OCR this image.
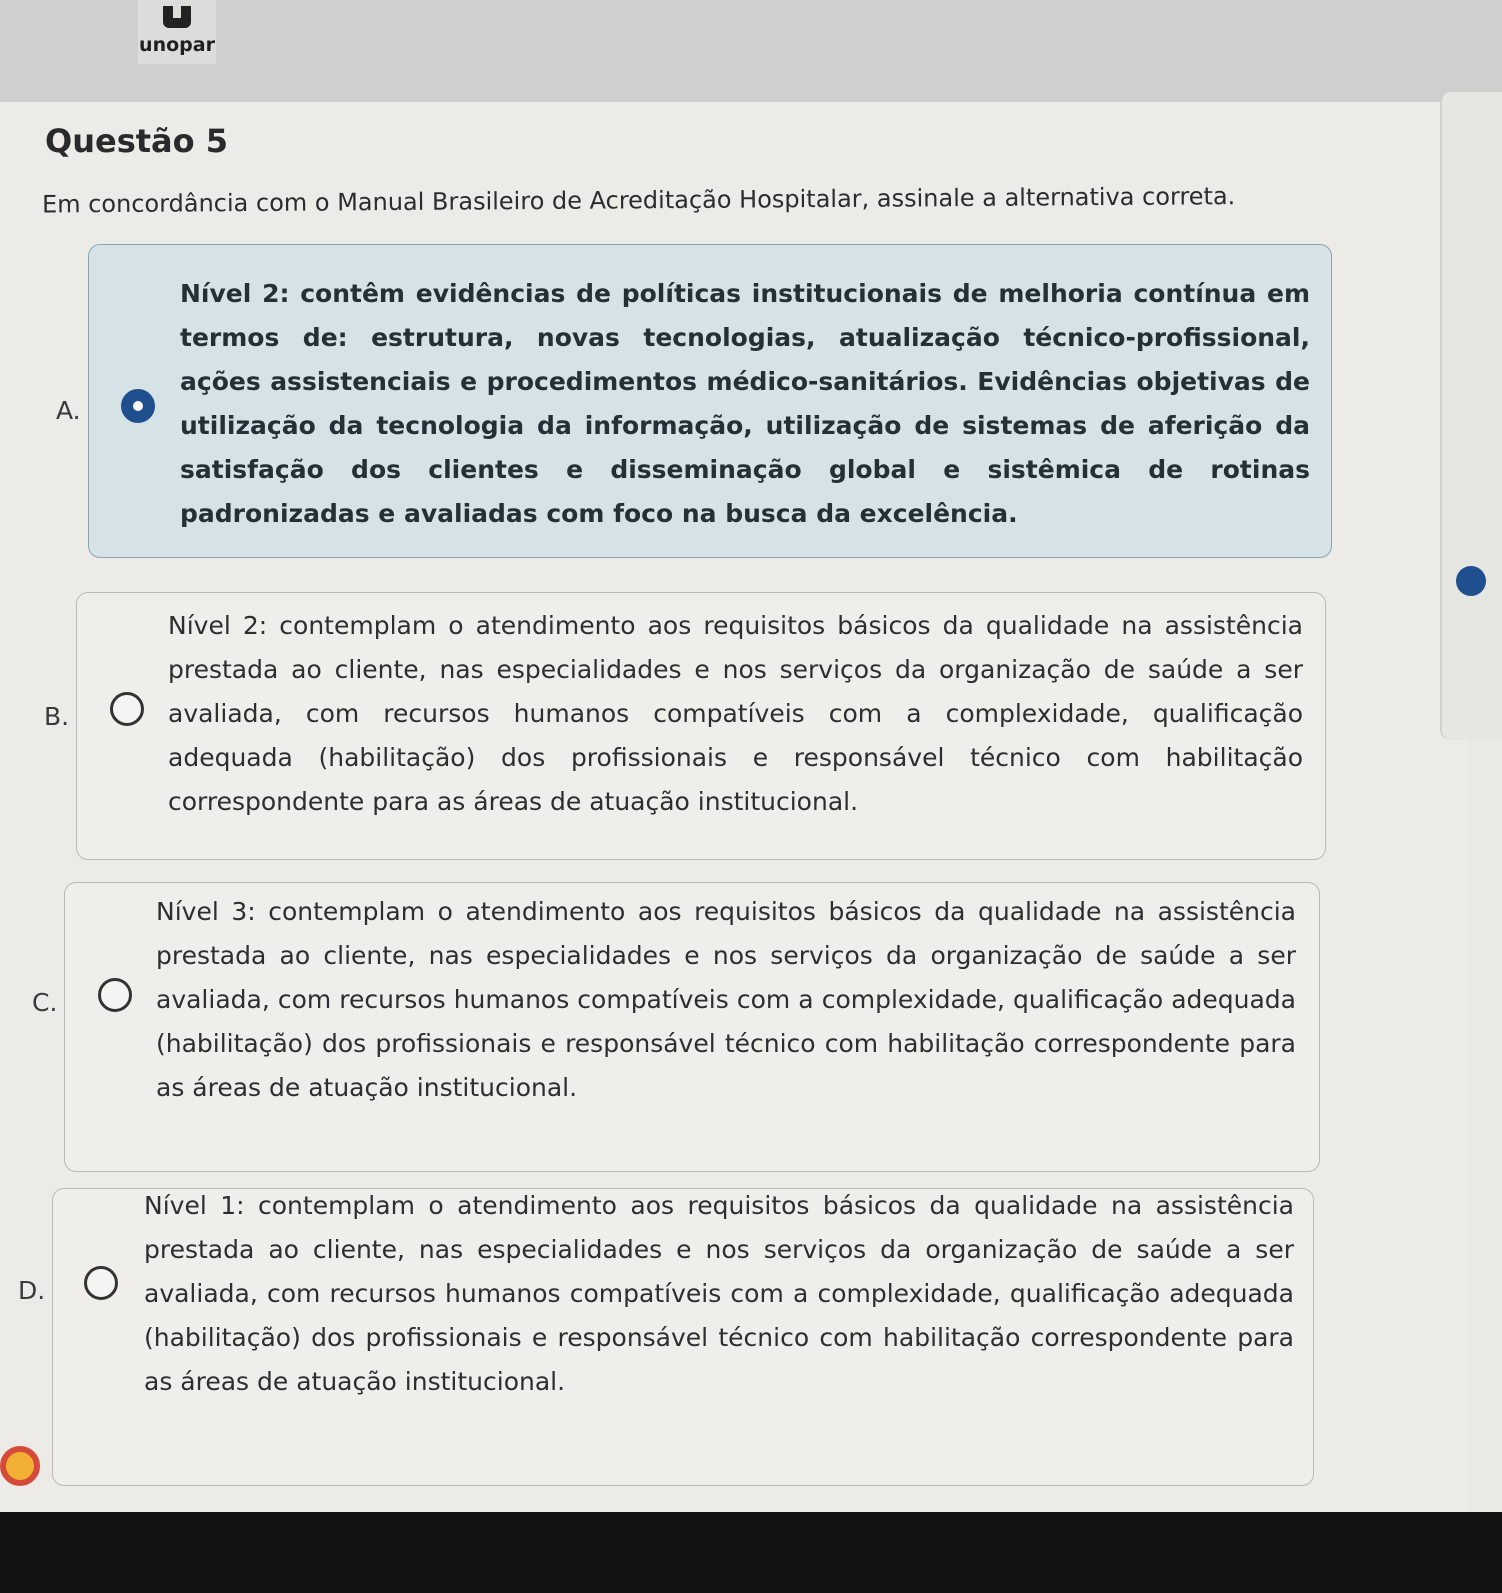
unopar
Questão 5
Em concordância com o Manual Brasileiro de Acreditação Hospitalar, assinale a alternativa correta.
A.
Nível 2: contêm evidências de políticas institucionais de melhoria contínua em termos de: estrutura, novas tecnologias, atualização técnico-profissional, ações assistenciais e procedimentos médico-sanitários. Evidências objetivas de utilização da tecnologia da informação, utilização de sistemas de aferição da satisfação dos clientes e disseminação global e sistêmica de rotinas padronizadas e avaliadas com foco na busca da excelência.
B.
Nível 2: contemplam o atendimento aos requisitos básicos da qualidade na assistência prestada ao cliente, nas especialidades e nos serviços da organização de saúde a ser avaliada, com recursos humanos compatíveis com a complexidade, qualificação adequada (habilitação) dos profissionais e responsável técnico com habilitação correspondente para as áreas de atuação institucional.
C.
Nível 3: contemplam o atendimento aos requisitos básicos da qualidade na assistência prestada ao cliente, nas especialidades e nos serviços da organização de saúde a ser avaliada, com recursos humanos compatíveis com a complexidade, qualificação adequada (habilitação) dos profissionais e responsável técnico com habilitação correspondente para as áreas de atuação institucional.
D.
Nível 1: contemplam o atendimento aos requisitos básicos da qualidade na assistência prestada ao cliente, nas especialidades e nos serviços da organização de saúde a ser avaliada, com recursos humanos compatíveis com a complexidade, qualificação adequada (habilitação) dos profissionais e responsável técnico com habilitação correspondente para as áreas de atuação institucional.
